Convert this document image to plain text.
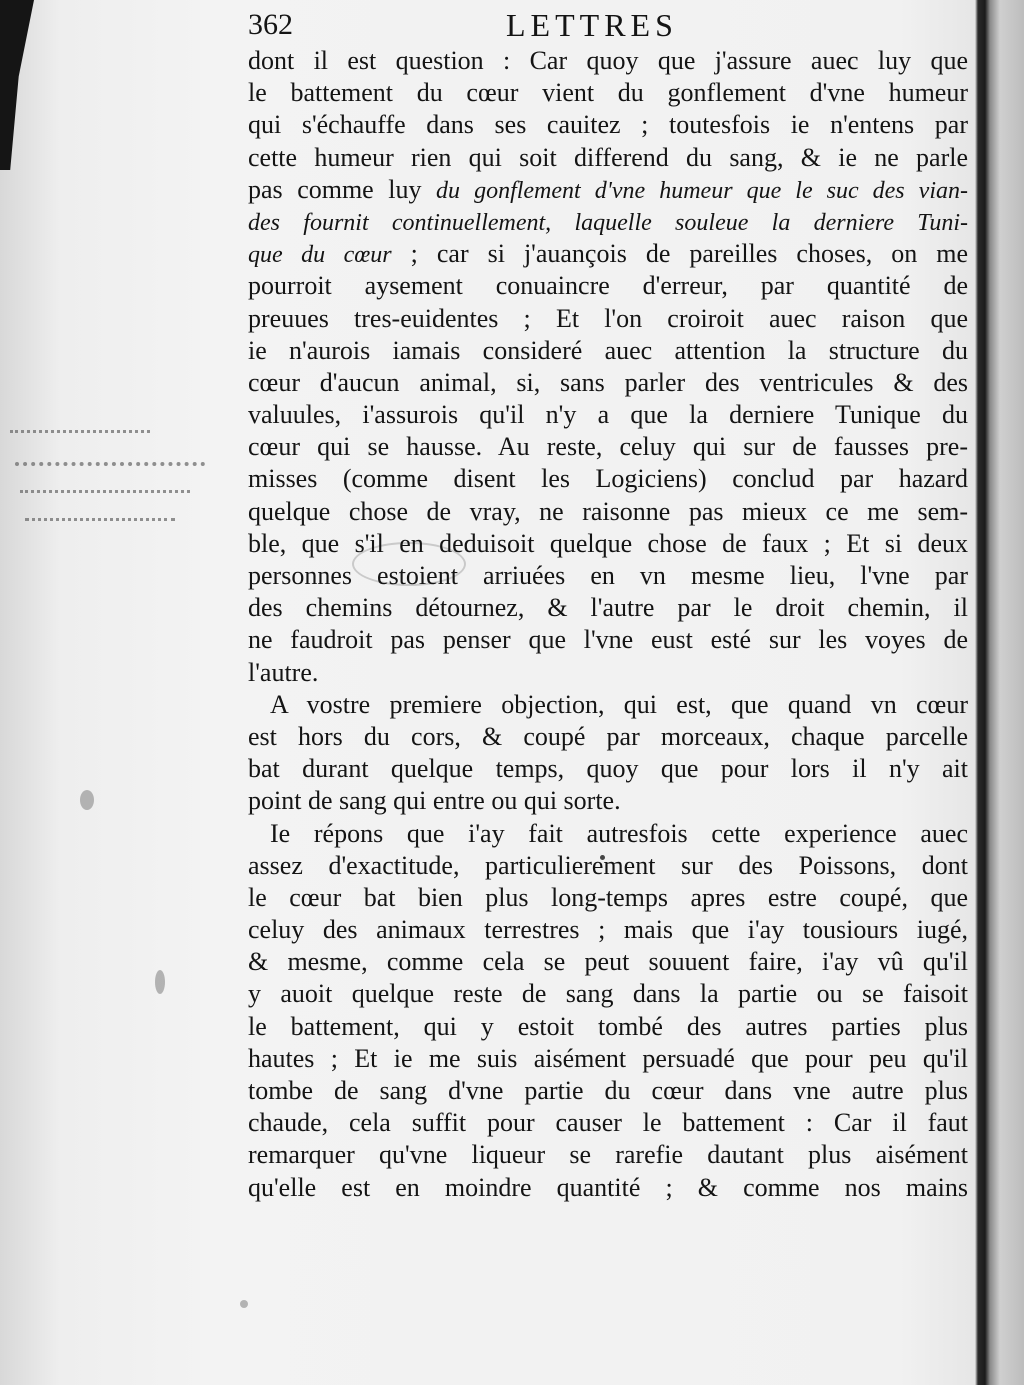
362	LETTRES
dont il est question : Car quoy que j'assure auec luy que
le battement du cœur vient du gonflement d'vne humeur
qui s'échauffe dans ses cauitez ; toutesfois ie n'entens par
cette humeur rien qui soit differend du sang, & ie ne parle
pas comme luy du gonflement d'vne humeur que le suc des vian-
des fournit continuellement, laquelle souleue la derniere Tuni-
que du cœur ; car si j'auançois de pareilles choses, on me
pourroit aysement conuaincre d'erreur, par quantité de
preuues tres-euidentes ; Et l'on croiroit auec raison que
ie n'aurois iamais consideré auec attention la structure du
cœur d'aucun animal, si, sans parler des ventricules & des
valuules, i'assurois qu'il n'y a que la derniere Tunique du
cœur qui se hausse. Au reste, celuy qui sur de fausses pre-
misses (comme disent les Logiciens) conclud par hazard
quelque chose de vray, ne raisonne pas mieux ce me sem-
ble, que s'il en deduisoit quelque chose de faux ; Et si deux
personnes estoient arriuées en vn mesme lieu, l'vne par
des chemins détournez, & l'autre par le droit chemin, il
ne faudroit pas penser que l'vne eust esté sur les voyes de
l'autre.
A vostre premiere objection, qui est, que quand vn cœur
est hors du cors, & coupé par morceaux, chaque parcelle
bat durant quelque temps, quoy que pour lors il n'y ait
point de sang qui entre ou qui sorte.
Ie répons que i'ay fait autresfois cette experience auec
assez d'exactitude, particulierement sur des Poissons, dont
le cœur bat bien plus long-temps apres estre coupé, que
celuy des animaux terrestres ; mais que i'ay tousiours iugé,
& mesme, comme cela se peut souuent faire, i'ay vû qu'il
y auoit quelque reste de sang dans la partie ou se faisoit
le battement, qui y estoit tombé des autres parties plus
hautes ; Et ie me suis aisément persuadé que pour peu qu'il
tombe de sang d'vne partie du cœur dans vne autre plus
chaude, cela suffit pour causer le battement : Car il faut
remarquer qu'vne liqueur se rarefie dautant plus aisément
qu'elle est en moindre quantité ; & comme nos mains
